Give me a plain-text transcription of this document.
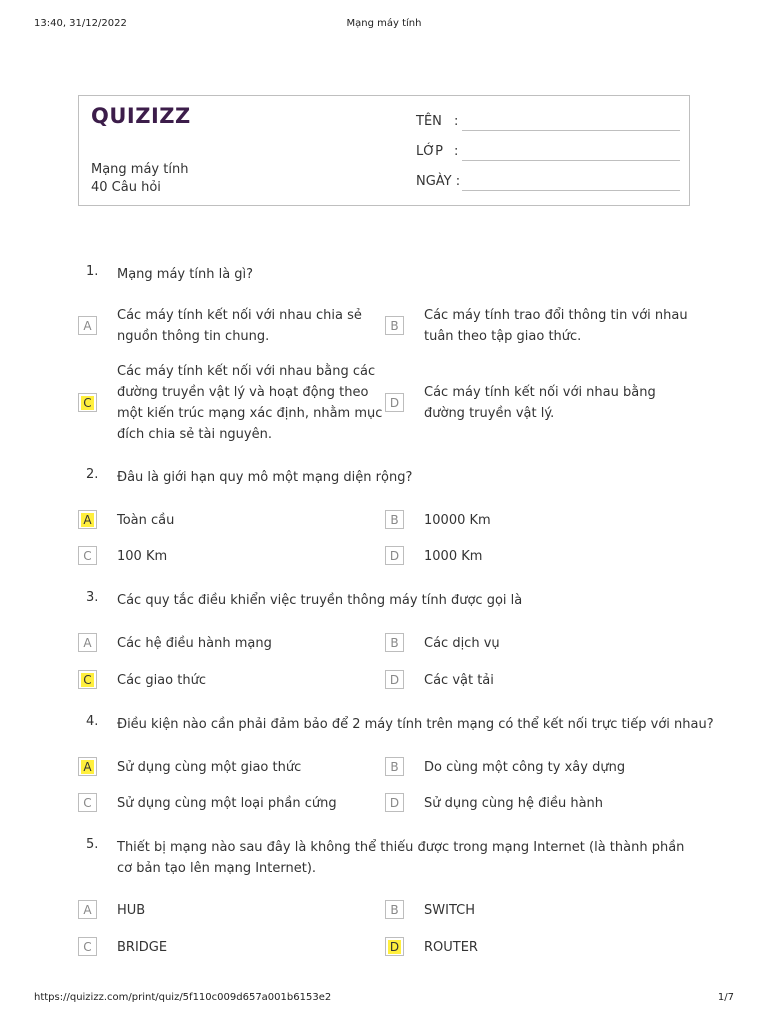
13:40, 31/12/2022	Mạng máy tính
QUIZIZZ
Mạng máy tính
40 Câu hỏi
TÊN :
LỚP :
NGÀY :
1. Mạng máy tính là gì?
A
Các máy tính kết nối với nhau chia sẻ nguồn thông tin chung.
B
Các máy tính trao đổi thông tin với nhau tuân theo tập giao thức.
C
Các máy tính kết nối với nhau bằng các đường truyền vật lý và hoạt động theo một kiến trúc mạng xác định, nhằm mục đích chia sẻ tài nguyên.
D
Các máy tính kết nối với nhau bằng đường truyền vật lý.
2. Đâu là giới hạn quy mô một mạng diện rộng?
A	Toàn cầu	B	10000 Km
C	100 Km	D	1000 Km
3. Các quy tắc điều khiển việc truyền thông máy tính được gọi là
A	Các hệ điều hành mạng	B	Các dịch vụ
C	Các giao thức	D	Các vật tải
4. Điều kiện nào cần phải đảm bảo để 2 máy tính trên mạng có thể kết nối trực tiếp với nhau?
A	Sử dụng cùng một giao thức	B	Do cùng một công ty xây dựng
C	Sử dụng cùng một loại phần cứng	D	Sử dụng cùng hệ điều hành
5. Thiết bị mạng nào sau đây là không thể thiếu được trong mạng Internet (là thành phần cơ bản tạo lên mạng Internet).
A	HUB	B	SWITCH
C	BRIDGE	D	ROUTER
https://quizizz.com/print/quiz/5f110c009d657a001b6153e2	1/7
